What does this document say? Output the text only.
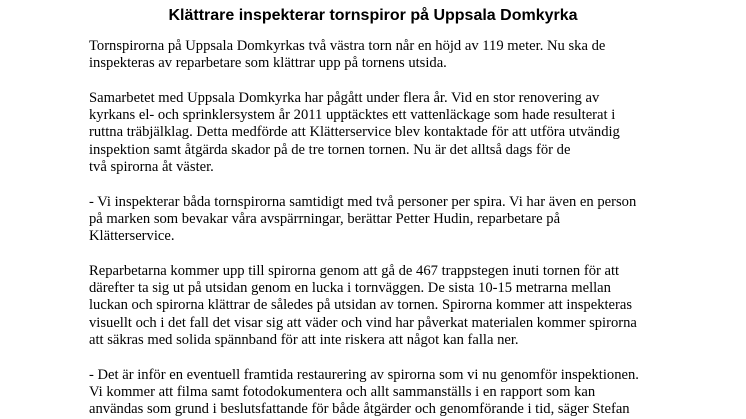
Klättrare inspekterar tornspiror på Uppsala Domkyrka

Tornspirorna på Uppsala Domkyrkas två västra torn når en höjd av 119 meter. Nu ska de
inspekteras av reparbetare som klättrar upp på tornens utsida.

Samarbetet med Uppsala Domkyrka har pågått under flera år. Vid en stor renovering av
kyrkans el- och sprinklersystem år 2011 upptäcktes ett vattenläckage som hade resulterat i
ruttna träbjälklag. Detta medförde att Klätterservice blev kontaktade för att utföra utvändig
inspektion samt åtgärda skador på de tre tornen tornen. Nu är det alltså dags för de
två spirorna åt väster.

- Vi inspekterar båda tornspirorna samtidigt med två personer per spira. Vi har även en person
på marken som bevakar våra avspärrningar, berättar Petter Hudin, reparbetare på
Klätterservice.

Reparbetarna kommer upp till spirorna genom att gå de 467 trappstegen inuti tornen för att
därefter ta sig ut på utsidan genom en lucka i tornväggen. De sista 10-15 metrarna mellan
luckan och spirorna klättrar de således på utsidan av tornen. Spirorna kommer att inspekteras
visuellt och i det fall det visar sig att väder och vind har påverkat materialen kommer spirorna
att säkras med solida spännband för att inte riskera att något kan falla ner.

- Det är inför en eventuell framtida restaurering av spirorna som vi nu genomför inspektionen.
Vi kommer att filma samt fotodokumentera och allt sammanställs i en rapport som kan
användas som grund i beslutsfattande för både åtgärder och genomförande i tid, säger Stefan
